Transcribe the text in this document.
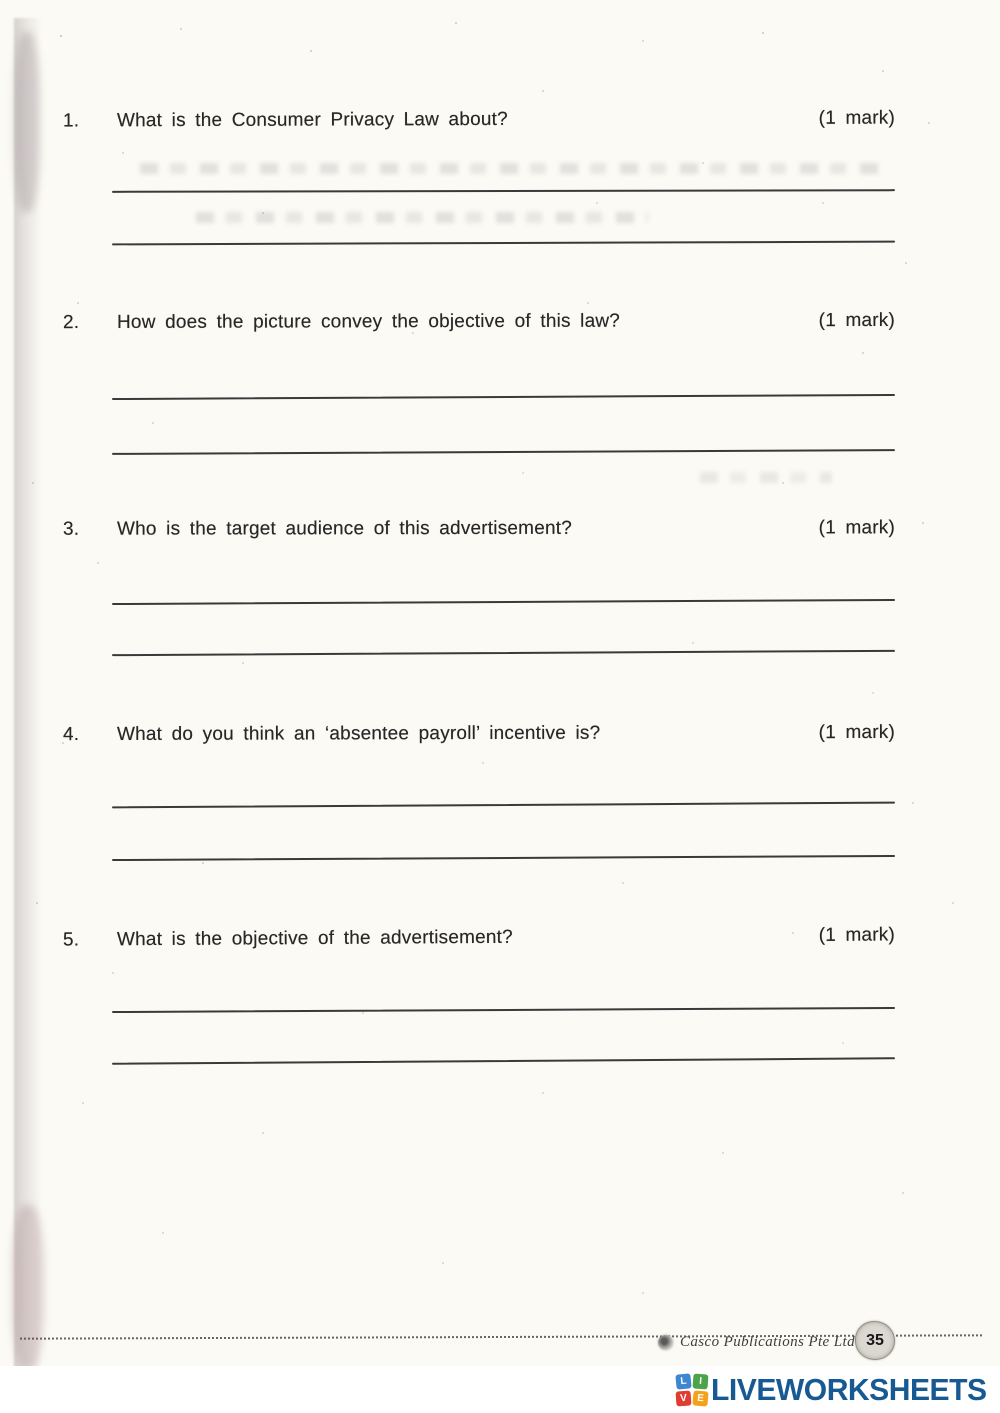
1.	What is the Consumer Privacy Law about?	(1 mark)
2.	How does the picture convey the objective of this law?	(1 mark)
3.	Who is the target audience of this advertisement?	(1 mark)
4.	What do you think an ‘absentee payroll’ incentive is?	(1 mark)
5.	What is the objective of the advertisement?	(1 mark)
Casco Publications Pte Ltd 35
L	I
V E LIVEWORKSHEETS
